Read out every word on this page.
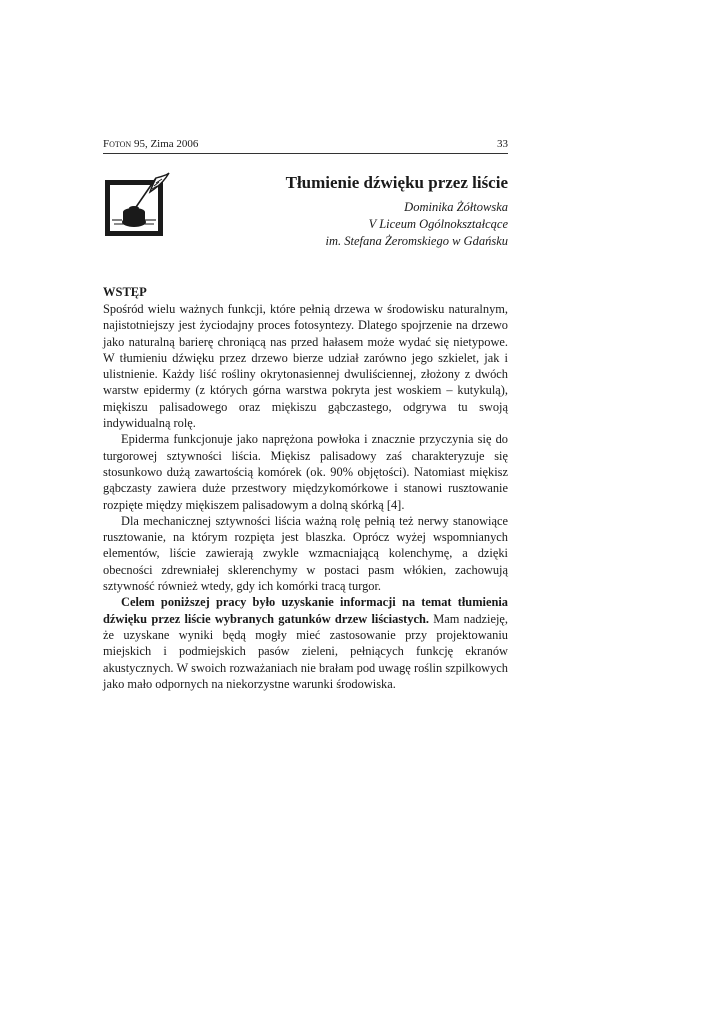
Foton 95, Zima 2006	33
Tłumienie dźwięku przez liście
Dominika Żółtowska
V Liceum Ogólnokształcące
im. Stefana Żeromskiego w Gdańsku
WSTĘP

Spośród wielu ważnych funkcji, które pełnią drzewa w środowisku naturalnym, najistotniejszy jest życiodajny proces fotosyntezy. Dlatego spojrzenie na drzewo jako naturalną barierę chroniącą nas przed hałasem może wydać się nietypowe. W tłumieniu dźwięku przez drzewo bierze udział zarówno jego szkielet, jak i ulistnienie. Każdy liść rośliny okrytonasiennej dwuliściennej, złożony z dwóch warstw epidermy (z których górna warstwa pokryta jest woskiem – kutykulą), miękiszu palisadowego oraz miękiszu gąbczastego, odgrywa tu swoją indywidualną rolę.

Epiderma funkcjonuje jako naprężona powłoka i znacznie przyczynia się do turgorowej sztywności liścia. Miękisz palisadowy zaś charakteryzuje się stosunkowo dużą zawartością komórek (ok. 90% objętości). Natomiast miękisz gąbczasty zawiera duże przestwory międzykomórkowe i stanowi rusztowanie rozpięte między miękiszem palisadowym a dolną skórką [4].

Dla mechanicznej sztywności liścia ważną rolę pełnią też nerwy stanowiące rusztowanie, na którym rozpięta jest blaszka. Oprócz wyżej wspomnianych elementów, liście zawierają zwykle wzmacniającą kolenchymę, a dzięki obecności zdrewniałej sklerenchymy w postaci pasm włókien, zachowują sztywność również wtedy, gdy ich komórki tracą turgor.

Celem poniższej pracy było uzyskanie informacji na temat tłumienia dźwięku przez liście wybranych gatunków drzew liściastych. Mam nadzieję, że uzyskane wyniki będą mogły mieć zastosowanie przy projektowaniu miejskich i podmiejskich pasów zieleni, pełniących funkcję ekranów akustycznych. W swoich rozważaniach nie brałam pod uwagę roślin szpilkowych jako mało odpornych na niekorzystne warunki środowiska.
